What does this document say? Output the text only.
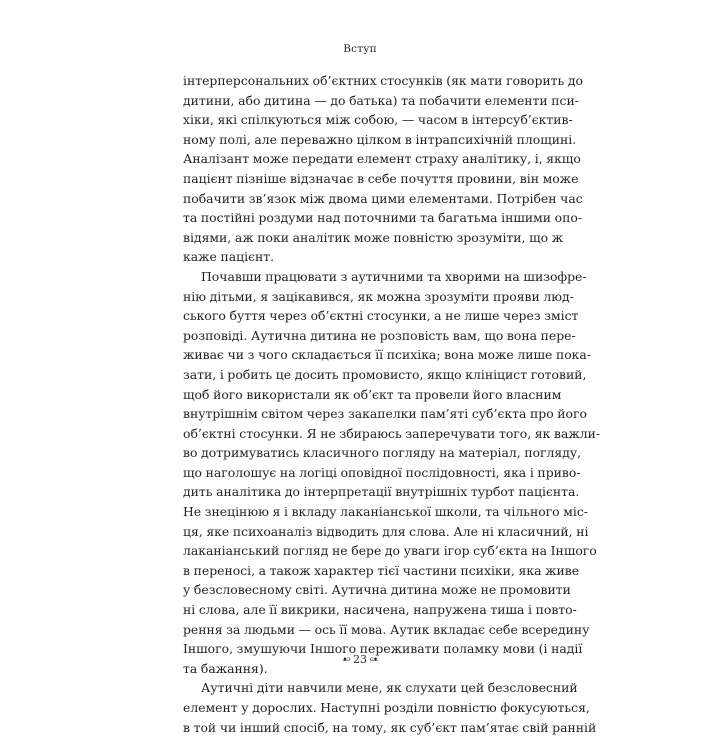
Вступ
інтерперсональних об’єктних стосунків (як мати говорить до
дитини, або дитина — до батька) та побачити елементи пси-
хіки, які спілкуються між собою, — часом в інтерсуб’єктив-
ному полі, але переважно цілком в інтрапсихічній площині.
Аналізант може передати елемент страху аналітику, і, якщо
пацієнт пізніше відзначає в себе почуття провини, він може
побачити зв’язок між двома цими елементами. Потрібен час
та постійні роздуми над поточними та багатьма іншими опо-
відями, аж поки аналітик може повністю зрозуміти, що ж
каже пацієнт.
Почавши працювати з аутичними та хворими на шизофре-
нію дітьми, я зацікавився, як можна зрозуміти прояви люд-
ського буття через об’єктні стосунки, а не лише через зміст
розповіді. Аутична дитина не розповість вам, що вона пере-
живає чи з чого складається її психіка; вона може лише пока-
зати, і робить це досить промовисто, якщо клініцист готовий,
щоб його використали як об’єкт та провели його власним
внутрішнім світом через закапелки пам’яті суб’єкта про його
об’єктні стосунки. Я не збираюсь заперечувати того, як важли-
во дотримуватись класичного погляду на матеріал, погляду,
що наголошує на логіці оповідної послідовності, яка і приво-
дить аналітика до інтерпретації внутрішніх турбот пацієнта.
Не знецінюю я і вкладу лаканіанської школи, та чільного міс-
ця, яке психоаналіз відводить для слова. Але ні класичний, ні
лаканіанський погляд не бере до уваги ігор суб’єкта на Іншого
в переносі, а також характер тієї частини психіки, яка живе
у безсловесному світі. Аутична дитина може не промовити
ні слова, але її викрики, насичена, напружена тиша і повто-
рення за людьми — ось її мова. Аутик вкладає себе всередину
Іншого, змушуючи Іншого переживати поламку мови (і надії
та бажання).
Аутичні діти навчили мене, як слухати цей безсловесний
елемент у дорослих. Наступні розділи повністю фокусуються,
в той чи інший спосіб, на тому, як суб’єкт пам’ятає свій ранній
ᴥɔ 23 ɕᴥ
